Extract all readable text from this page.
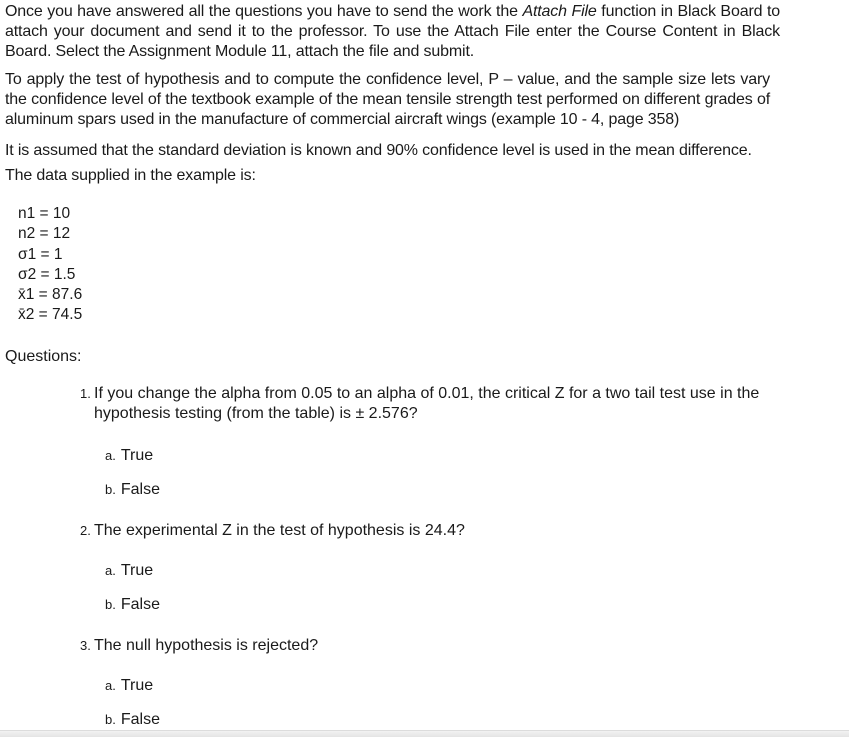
Once you have answered all the questions you have to send the work the Attach File function in Black Board to attach your document and send it to the professor. To use the Attach File enter the Course Content in Black Board. Select the Assignment Module 11, attach the file and submit.

To apply the test of hypothesis and to compute the confidence level, P – value, and the sample size lets vary the confidence level of the textbook example of the mean tensile strength test performed on different grades of aluminum spars used in the manufacture of commercial aircraft wings (example 10 - 4, page 358)

It is assumed that the standard deviation is known and 90% confidence level is used in the mean difference.

The data supplied in the example is:

n1 = 10
n2 = 12
σ1 = 1
σ2 = 1.5
x̄1 = 87.6
x̄2 = 74.5
Questions:
1. If you change the alpha from 0.05 to an alpha of 0.01, the critical Z for a two tail test use in the
hypothesis testing (from the table) is ± 2.576?
a. True
b. False
2. The experimental Z in the test of hypothesis is 24.4?
a. True
b. False
3. The null hypothesis is rejected?
a. True
b. False
